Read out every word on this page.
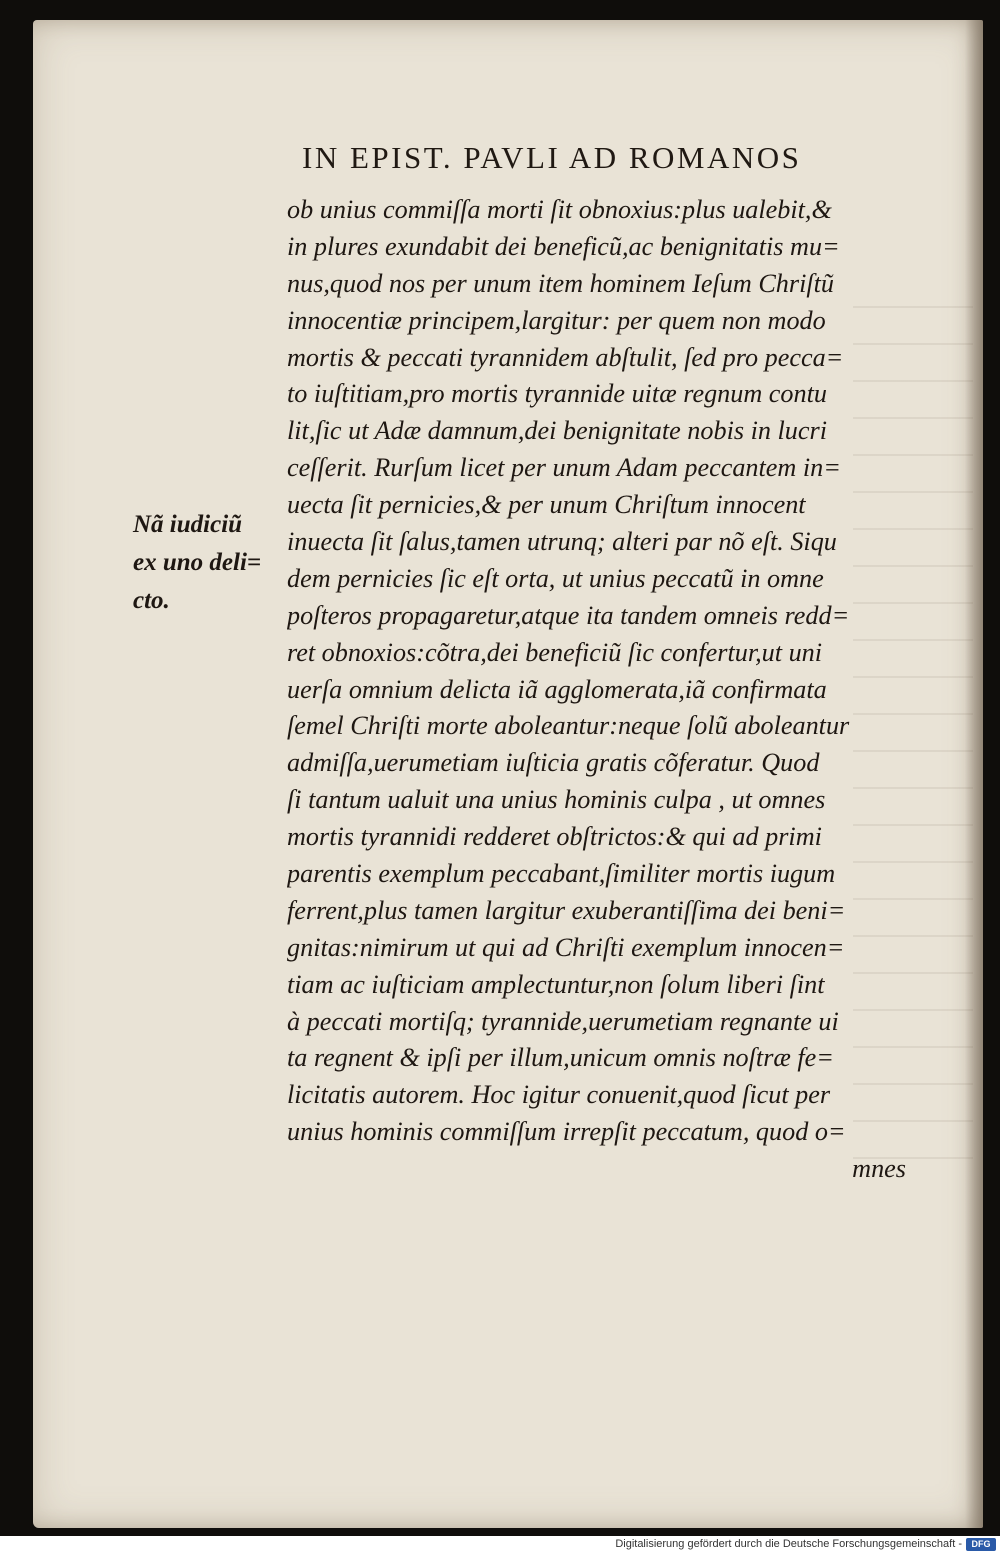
IN EPIST. PAVLI AD ROMANOS
Nã iudiciũ
ex uno deli=
cto.
ob unius commiſſa morti ſit obnoxius:plus ualebit,&
in plures exundabit dei beneficũ,ac benignitatis mu=
nus,quod nos per unum item hominem Ieſum Chriſtũ
innocentiæ principem,largitur: per quem non modo
mortis & peccati tyrannidem abſtulit, ſed pro pecca=
to iuſtitiam,pro mortis tyrannide uitæ regnum contu
lit,ſic ut Adæ damnum,dei benignitate nobis in lucri
ceſſerit. Rurſum licet per unum Adam peccantem in=
uecta ſit pernicies,& per unum Chriſtum innocent
inuecta ſit ſalus,tamen utrunq; alteri par nõ eſt. Siqu
dem pernicies ſic eſt orta, ut unius peccatũ in omne
poſteros propagaretur,atque ita tandem omneis redd=
ret obnoxios:cõtra,dei beneficiũ ſic confertur,ut uni
uerſa omnium delicta iã agglomerata,iã confirmata
ſemel Chriſti morte aboleantur:neque ſolũ aboleantur
admiſſa,uerumetiam iuſticia gratis cõferatur. Quod
ſi tantum ualuit una unius hominis culpa , ut omnes
mortis tyrannidi redderet obſtrictos:& qui ad primi
parentis exemplum peccabant,ſimiliter mortis iugum
ferrent,plus tamen largitur exuberantiſſima dei beni=
gnitas:nimirum ut qui ad Chriſti exemplum innocen=
tiam ac iuſticiam amplectuntur,non ſolum liberi ſint
à peccati mortiſq; tyrannide,uerumetiam regnante ui
ta regnent & ipſi per illum,unicum omnis noſtræ fe=
licitatis autorem. Hoc igitur conuenit,quod ſicut per
unius hominis commiſſum irrepſit peccatum, quod o=
mnes
Digitalisierung gefördert durch die Deutsche Forschungsgemeinschaft -	DFG
